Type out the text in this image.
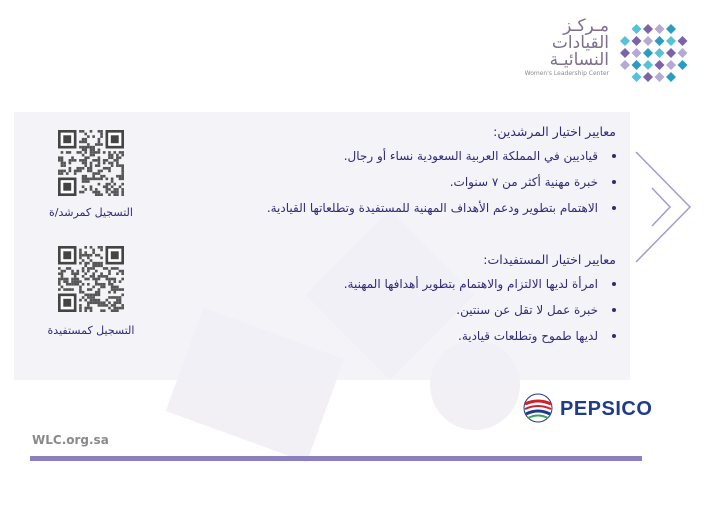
مـركـز
القيادات
النسائيـة
Women's Leadership Center
معايير اختيار المرشدين:
قياديين في المملكة العربية السعودية نساء أو رجال.
خبرة مهنية أكثر من ٧ سنوات.
الاهتمام بتطوير ودعم الأهداف المهنية للمستفيدة وتطلعاتها القيادية.
معايير اختيار المستفيدات:
امرأة لديها الالتزام والاهتمام بتطوير أهدافها المهنية.
خبرة عمل لا تقل عن سنتين.
لديها طموح وتطلعات قيادية.
التسجيل كمرشد/ة
التسجيل كمستفيدة
PEPSICO
WLC.org.sa
